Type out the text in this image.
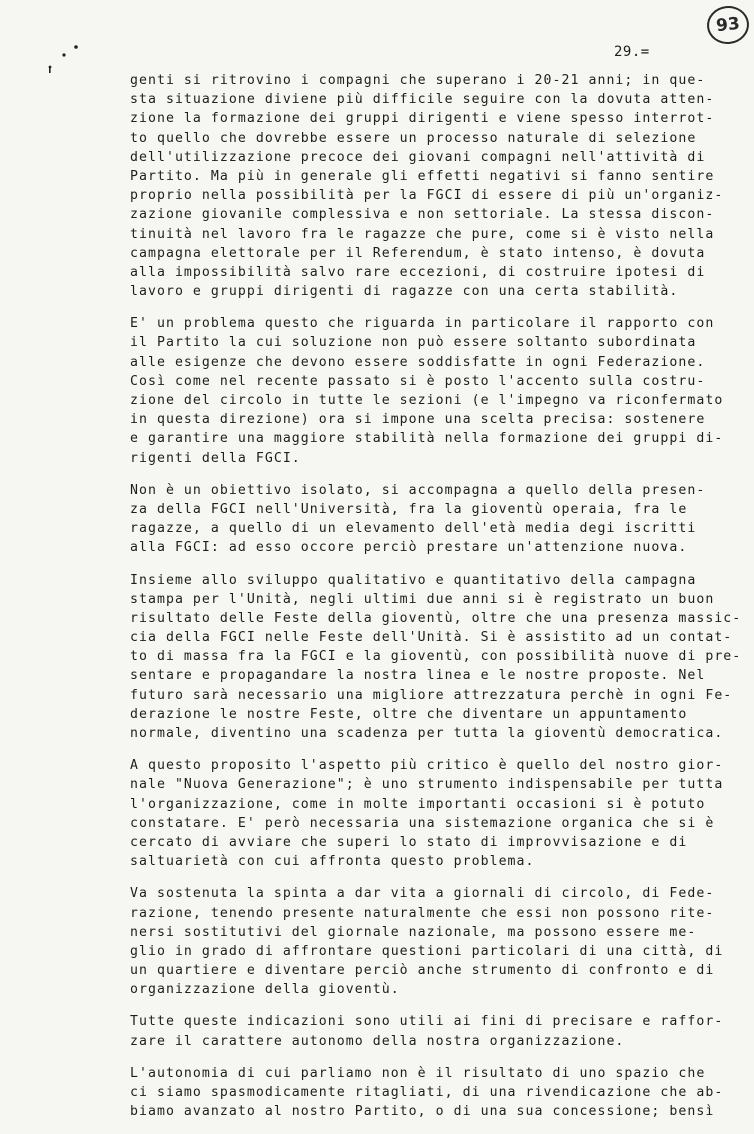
93
29.=
genti si ritrovino i compagni che superano i 20-21 anni; in que-
sta situazione diviene più difficile seguire con la dovuta atten-
zione la formazione dei gruppi dirigenti e viene spesso interrot-
to quello che dovrebbe essere un processo naturale di selezione
dell'utilizzazione precoce dei giovani compagni nell'attività di
Partito. Ma più in generale gli effetti negativi si fanno sentire
proprio nella possibilità per la FGCI di essere di più un'organiz-
zazione giovanile complessiva e non settoriale. La stessa discon-
tinuità nel lavoro fra le ragazze che pure, come si è visto nella
campagna elettorale per il Referendum, è stato intenso, è dovuta
alla impossibilità salvo rare eccezioni, di costruire ipotesi di
lavoro e gruppi dirigenti di ragazze con una certa stabilità.
E' un problema questo che riguarda in particolare il rapporto con
il Partito la cui soluzione non può essere soltanto subordinata
alle esigenze che devono essere soddisfatte in ogni Federazione.
Così come nel recente passato si è posto l'accento sulla costru-
zione del circolo in tutte le sezioni (e l'impegno va riconfermato
in questa direzione) ora si impone una scelta precisa: sostenere
e garantire una maggiore stabilità nella formazione dei gruppi di-
rigenti della FGCI.
Non è un obiettivo isolato, si accompagna a quello della presen-
za della FGCI nell'Università, fra la gioventù operaia, fra le
ragazze, a quello di un elevamento dell'età media degi iscritti
alla FGCI: ad esso occore perciò prestare un'attenzione nuova.
Insieme allo sviluppo qualitativo e quantitativo della campagna
stampa per l'Unità, negli ultimi due anni si è registrato un buon
risultato delle Feste della gioventù, oltre che una presenza massic-
cia della FGCI nelle Feste dell'Unità. Si è assistito ad un contat-
to di massa fra la FGCI e la gioventù, con possibilità nuove di pre-
sentare e propagandare la nostra linea e le nostre proposte. Nel
futuro sarà necessario una migliore attrezzatura perchè in ogni Fe-
derazione le nostre Feste, oltre che diventare un appuntamento
normale, diventino una scadenza per tutta la gioventù democratica.
A questo proposito l'aspetto più critico è quello del nostro gior-
nale "Nuova Generazione"; è uno strumento indispensabile per tutta
l'organizzazione, come in molte importanti occasioni si è potuto
constatare. E' però necessaria una sistemazione organica che si è
cercato di avviare che superi lo stato di improvvisazione e di
saltuarietà con cui affronta questo problema.
Va sostenuta la spinta a dar vita a giornali di circolo, di Fede-
razione, tenendo presente naturalmente che essi non possono rite-
nersi sostitutivi del giornale nazionale, ma possono essere me-
glio in grado di affrontare questioni particolari di una città, di
un quartiere e diventare perciò anche strumento di confronto e di
organizzazione della gioventù.
Tutte queste indicazioni sono utili ai fini di precisare e raffor-
zare il carattere autonomo della nostra organizzazione.
L'autonomia di cui parliamo non è il risultato di uno spazio che
ci siamo spasmodicamente ritagliati, di una rivendicazione che ab-
biamo avanzato al nostro Partito, o di una sua concessione; bensì
